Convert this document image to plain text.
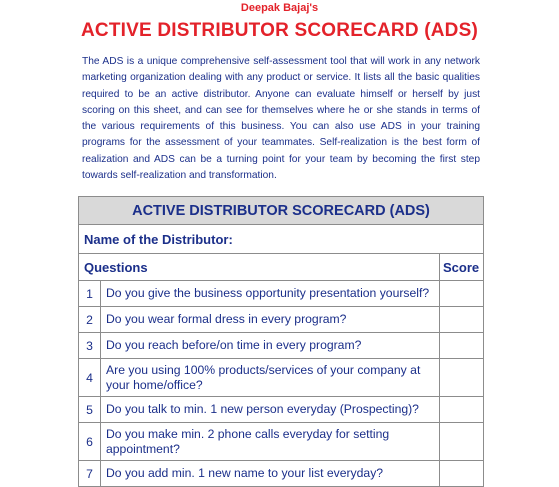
Deepak Bajaj's
ACTIVE DISTRIBUTOR SCORECARD (ADS)

The ADS is a unique comprehensive self-assessment tool that will work in any network marketing organization dealing with any product or service. It lists all the basic qualities required to be an active distributor. Anyone can evaluate himself or herself by just scoring on this sheet, and can see for themselves where he or she stands in terms of the various requirements of this business. You can also use ADS in your training programs for the assessment of your teammates. Self-realization is the best form of realization and ADS can be a turning point for your team by becoming the first step towards self-realization and transformation.

ACTIVE DISTRIBUTOR SCORECARD (ADS)		
Name of the Distributor:		
Questions		Score
1	Do you give the business opportunity presentation yourself?	
2	Do you wear formal dress in every program?	
3	Do you reach before/on time in every program?	
4	Are you using 100% products/services of your company at your home/office?	
5	Do you talk to min. 1 new person everyday (Prospecting)?	
6	Do you make min. 2 phone calls everyday for setting appointment?	
7	Do you add min. 1 new name to your list everyday?	
